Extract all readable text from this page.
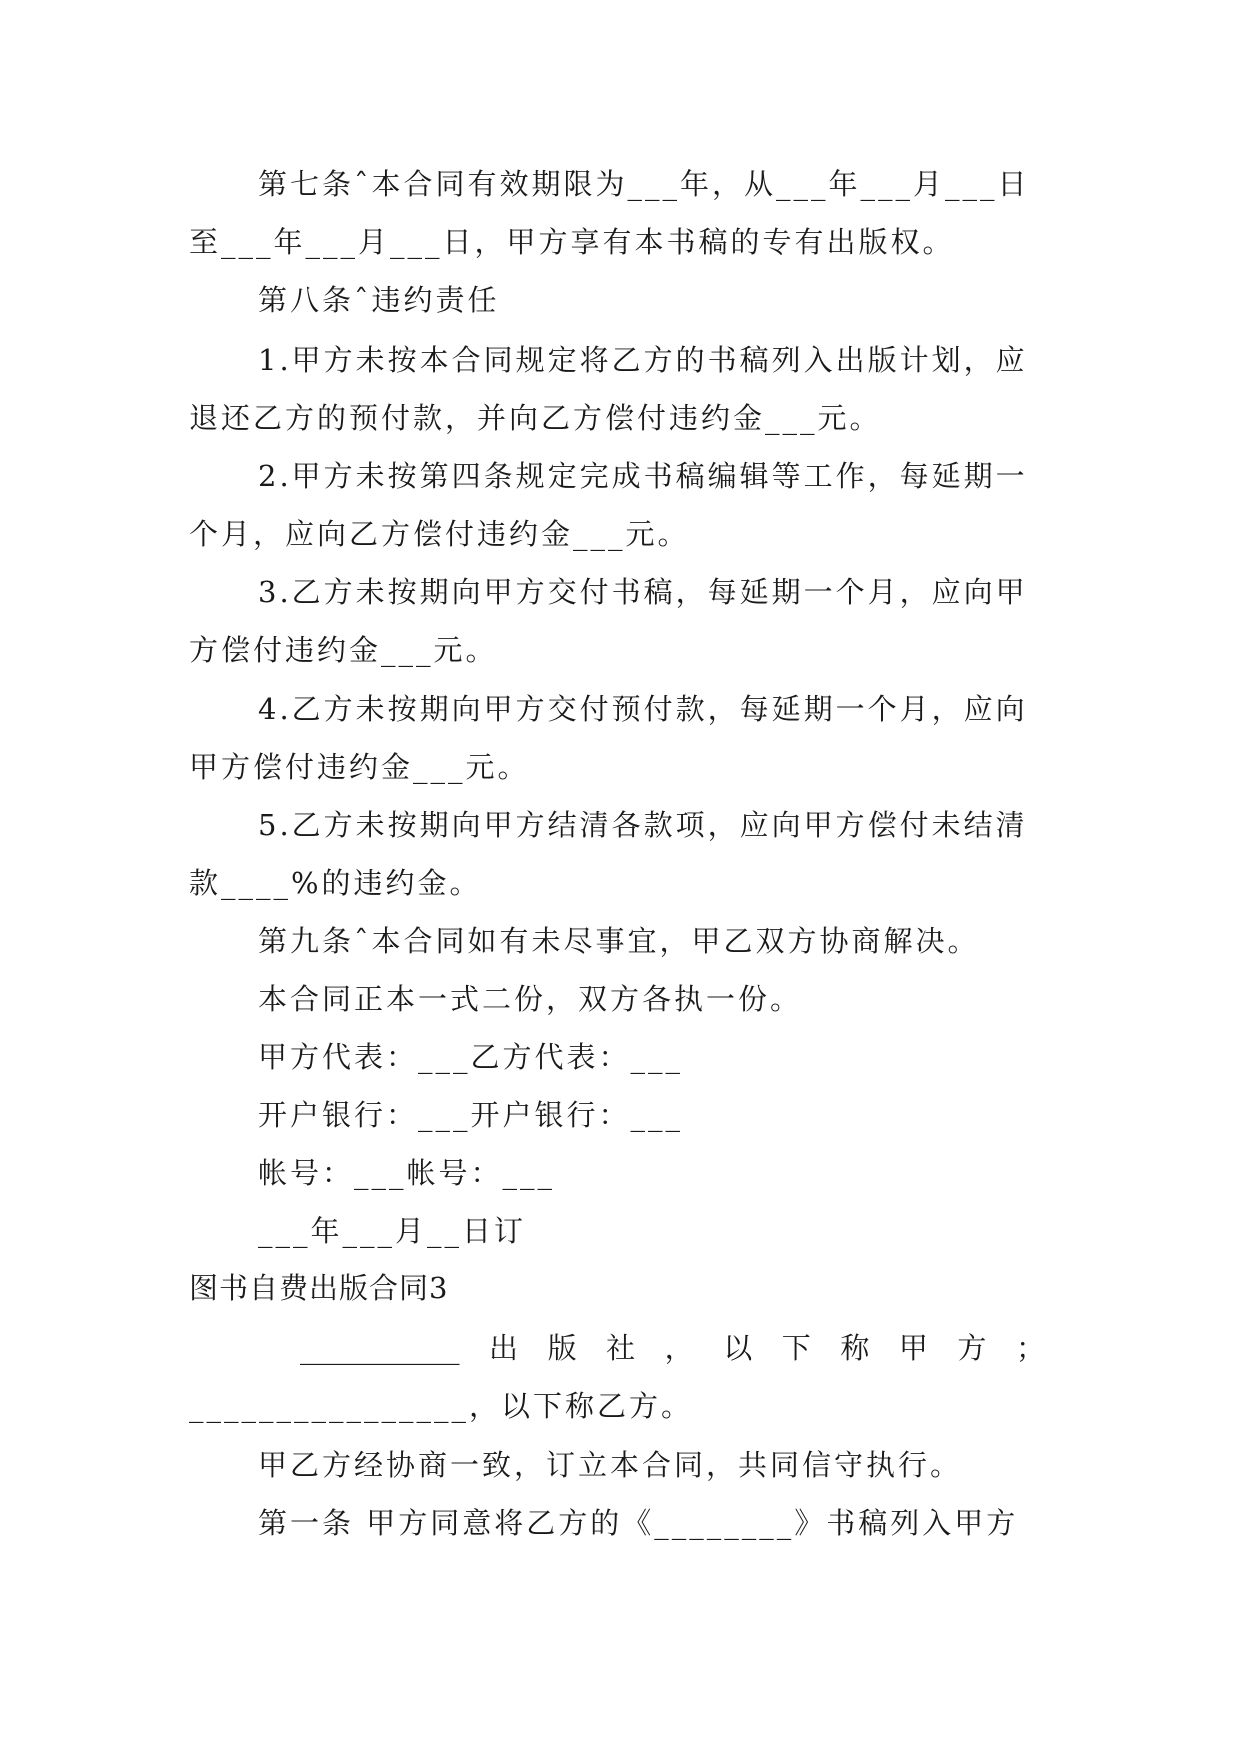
第七条ˆ本合同有效期限为___年，从___年___月___日
至___年___月___日，甲方享有本书稿的专有出版权。
第八条ˆ违约责任
1.甲方未按本合同规定将乙方的书稿列入出版计划，应
退还乙方的预付款，并向乙方偿付违约金___元。
2.甲方未按第四条规定完成书稿编辑等工作，每延期一
个月，应向乙方偿付违约金___元。
3.乙方未按期向甲方交付书稿，每延期一个月，应向甲
方偿付违约金___元。
4.乙方未按期向甲方交付预付款，每延期一个月，应向
甲方偿付违约金___元。
5.乙方未按期向甲方结清各款项，应向甲方偿付未结清
款____%的违约金。
第九条ˆ本合同如有未尽事宜，甲乙双方协商解决。
本合同正本一式二份，双方各执一份。
甲方代表：___乙方代表：___
开户银行：___开户银行：___
帐号：___帐号：___
___年___月__日订
图书自费出版合同3
___________ 出 版 社 ， 以 下 称 甲 方 ；
________________，以下称乙方。
甲乙方经协商一致，订立本合同，共同信守执行。
第一条 甲方同意将乙方的《________》书稿列入甲方
